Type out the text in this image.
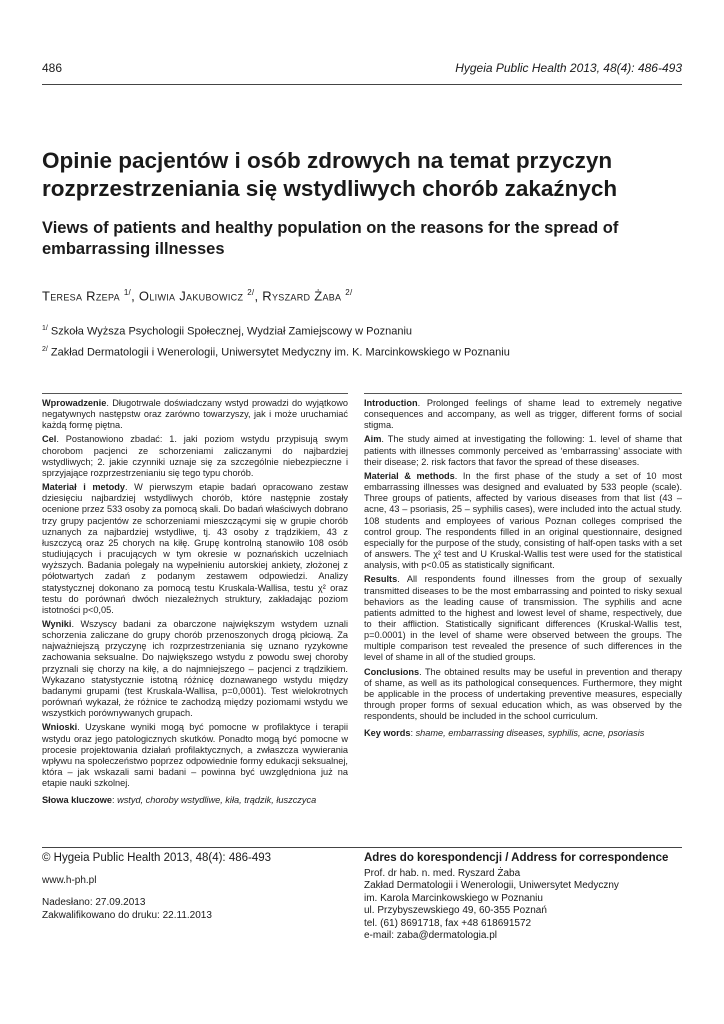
486	Hygeia Public Health 2013, 48(4): 486-493
Opinie pacjentów i osób zdrowych na temat przyczyn rozprzestrzeniania się wstydliwych chorób zakaźnych
Views of patients and healthy population on the reasons for the spread of embarrassing illnesses
Teresa Rzepa $^{1/}$, Oliwia Jakubowicz $^{2/}$, Ryszard Żaba $^{2/}$
$^{1/}$ Szkoła Wyższa Psychologii Społecznej, Wydział Zamiejscowy w Poznaniu
$^{2/}$ Zakład Dermatologii i Wenerologii, Uniwersytet Medyczny im. K. Marcinkowskiego w Poznaniu

Wprowadzenie. Długotrwale doświadczany wstyd prowadzi do wyjątkowo negatywnych następstw oraz zarówno towarzyszy, jak i może uruchamiać każdą formę piętna.

Cel. Postanowiono zbadać: 1. jaki poziom wstydu przypisują swym chorobom pacjenci ze schorzeniami zaliczanymi do najbardziej wstydliwych; 2. jakie czynniki uznaje się za szczególnie niebezpieczne i sprzyjające rozprzestrzenianiu się tego typu chorób.

Materiał i metody. W pierwszym etapie badań opracowano zestaw dziesięciu najbardziej wstydliwych chorób, które następnie zostały ocenione przez 533 osoby za pomocą skali. Do badań właściwych dobrano trzy grupy pacjentów ze schorzeniami mieszczącymi się w grupie chorób uznanych za najbardziej wstydliwe, tj. 43 osoby z trądzikiem, 43 z łuszczycą oraz 25 chorych na kiłę. Grupę kontrolną stanowiło 108 osób studiujących i pracujących w tym okresie w poznańskich uczelniach wyższych. Badania polegały na wypełnieniu autorskiej ankiety, złożonej z półotwartych zadań z podanym zestawem odpowiedzi. Analizy statystycznej dokonano za pomocą testu Kruskala-Wallisa, testu χ² oraz testu do porównań dwóch niezależnych struktury, zakładając poziom istotności p<0,05.

Wyniki. Wszyscy badani za obarczone największym wstydem uznali schorzenia zaliczane do grupy chorób przenoszonych drogą płciową. Za najważniejszą przyczynę ich rozprzestrzeniania się uznano ryzykowne zachowania seksualne. Do największego wstydu z powodu swej choroby przyznali się chorzy na kiłę, a do najmniejszego – pacjenci z trądzikiem. Wykazano statystycznie istotną różnicę doznawanego wstydu między badanymi grupami (test Kruskala-Wallisa, p=0,0001). Test wielokrotnych porównań wykazał, że różnice te zachodzą między poziomami wstydu we wszystkich porównywanych grupach.

Wnioski. Uzyskane wyniki mogą być pomocne w profilaktyce i terapii wstydu oraz jego patologicznych skutków. Ponadto mogą być pomocne w procesie projektowania działań profilaktycznych, a zwłaszcza wywierania wpływu na społeczeństwo poprzez odpowiednie formy edukacji seksualnej, która – jak wskazali sami badani – powinna być uwzględniona już na etapie nauki szkolnej.

Słowa kluczowe: wstyd, choroby wstydliwe, kiła, trądzik, łuszczyca

Introduction. Prolonged feelings of shame lead to extremely negative consequences and accompany, as well as trigger, different forms of social stigma.

Aim. The study aimed at investigating the following: 1. level of shame that patients with illnesses commonly perceived as ‘embarrassing’ associate with their disease; 2. risk factors that favor the spread of these diseases.

Material & methods. In the first phase of the study a set of 10 most embarrassing illnesses was designed and evaluated by 533 people (scale). Three groups of patients, affected by various diseases from that list (43 – acne, 43 – psoriasis, 25 – syphilis cases), were included into the actual study. 108 students and employees of various Poznan colleges comprised the control group. The respondents filled in an original questionnaire, designed especially for the purpose of the study, consisting of half-open tasks with a set of answers. The χ² test and U Kruskal-Wallis test were used for the statistical analysis, with p<0.05 as statistically significant.

Results. All respondents found illnesses from the group of sexually transmitted diseases to be the most embarrassing and pointed to risky sexual behaviors as the leading cause of transmission. The syphilis and acne patients admitted to the highest and lowest level of shame, respectively, due to their affliction. Statistically significant differences (Kruskal-Wallis test, p=0.0001) in the level of shame were observed between the groups. The multiple comparison test revealed the presence of such differences in the level of shame in all of the studied groups.

Conclusions. The obtained results may be useful in prevention and therapy of shame, as well as its pathological consequences. Furthermore, they might be applicable in the process of undertaking preventive measures, especially through proper forms of sexual education which, as was observed by the respondents, should be included in the school curriculum.

Key words: shame, embarrassing diseases, syphilis, acne, psoriasis

© Hygeia Public Health 2013, 48(4): 486-493
www.h-ph.pl
Nadesłano: 27.09.2013
Zakwalifikowano do druku: 22.11.2013
Adres do korespondencji / Address for correspondence
Prof. dr hab. n. med. Ryszard Żaba
Zakład Dermatologii i Wenerologii, Uniwersytet Medyczny
im. Karola Marcinkowskiego w Poznaniu
ul. Przybyszewskiego 49, 60-355 Poznań
tel. (61) 8691718, fax +48 618691572
e-mail: zaba@dermatologia.pl
